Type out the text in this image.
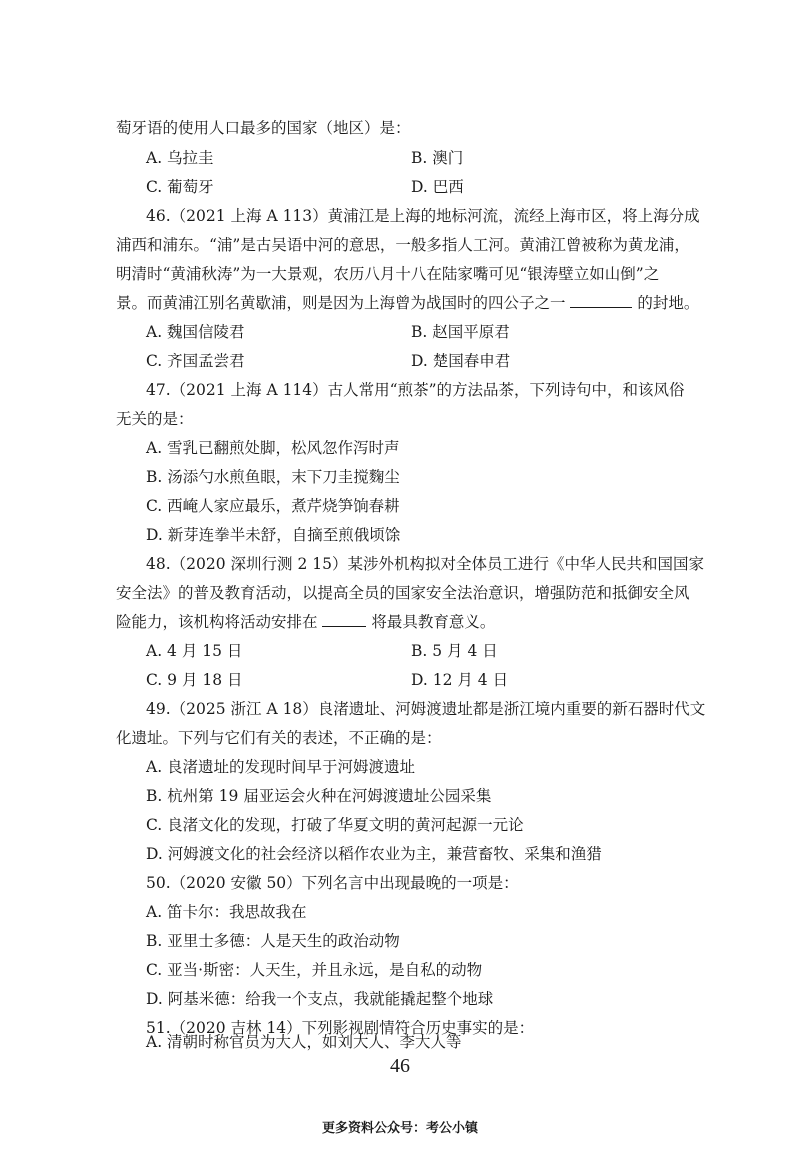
萄牙语的使用人口最多的国家（地区）是：
A. 乌拉圭	B. 澳门
C. 葡萄牙	D. 巴西
46.（2021 上海 A 113）黄浦江是上海的地标河流，流经上海市区，将上海分成
浦西和浦东。“浦”是古吴语中河的意思，一般多指人工河。黄浦江曾被称为黄龙浦，
明清时“黄浦秋涛”为一大景观，农历八月十八在陆家嘴可见“银涛壁立如山倒”之
景。而黄浦江别名黄歇浦，则是因为上海曾为战国时的四公子之一	的封地。
A. 魏国信陵君	B. 赵国平原君
C. 齐国孟尝君	D. 楚国春申君
47.（2021 上海 A 114）古人常用“煎茶”的方法品茶，下列诗句中，和该风俗
无关的是：
A. 雪乳已翻煎处脚，松风忽作泻时声
B. 汤添勺水煎鱼眼，末下刀圭搅麴尘
C. 西崦人家应最乐，煮芹烧笋饷春耕
D. 新芽连拳半未舒，自摘至煎俄顷馀
48.（2020 深圳行测 2 15）某涉外机构拟对全体员工进行《中华人民共和国国家
安全法》的普及教育活动，以提高全员的国家安全法治意识，增强防范和抵御安全风
险能力，该机构将活动安排在	将最具教育意义。
A. 4 月 15 日	B. 5 月 4 日
C. 9 月 18 日	D. 12 月 4 日
49.（2025 浙江 A 18）良渚遗址、河姆渡遗址都是浙江境内重要的新石器时代文
化遗址。下列与它们有关的表述，不正确的是：
A. 良渚遗址的发现时间早于河姆渡遗址
B. 杭州第 19 届亚运会火种在河姆渡遗址公园采集
C. 良渚文化的发现，打破了华夏文明的黄河起源一元论
D. 河姆渡文化的社会经济以稻作农业为主，兼营畜牧、采集和渔猎
50.（2020 安徽 50）下列名言中出现最晚的一项是：
A. 笛卡尔：我思故我在
B. 亚里士多德：人是天生的政治动物
C. 亚当·斯密：人天生，并且永远，是自私的动物
D. 阿基米德：给我一个支点，我就能撬起整个地球
51.（2020 吉林 14）下列影视剧情符合历史事实的是：
A. 清朝时称官员为大人，如刘大人、李大人等
46
更多资料公众号：考公小镇
